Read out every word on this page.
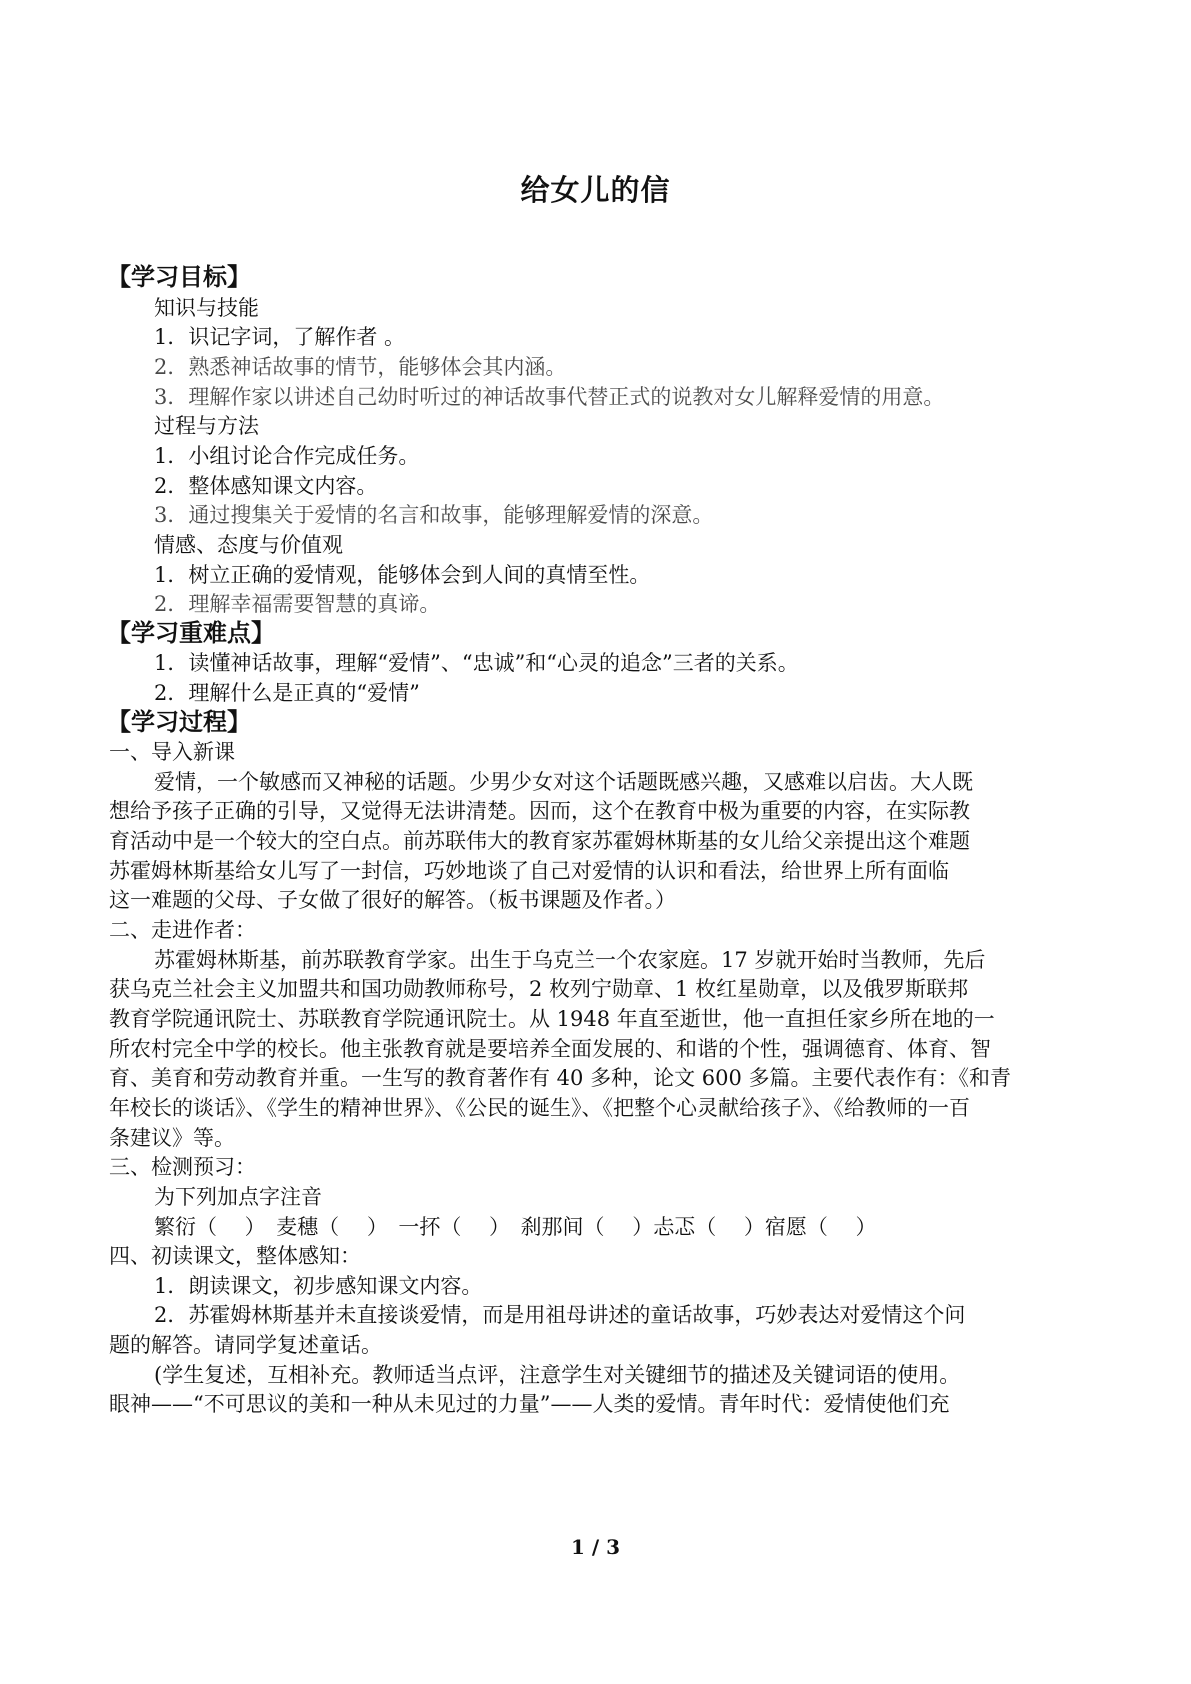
给女儿的信
【学习目标】
知识与技能
1．识记字词，了解作者 。
2．熟悉神话故事的情节，能够体会其内涵。
3．理解作家以讲述自己幼时听过的神话故事代替正式的说教对女儿解释爱情的用意。
过程与方法
1．小组讨论合作完成任务。
2．整体感知课文内容。
3．通过搜集关于爱情的名言和故事，能够理解爱情的深意。
情感、态度与价值观
1．树立正确的爱情观，能够体会到人间的真情至性。
2．理解幸福需要智慧的真谛。
【学习重难点】
1．读懂神话故事，理解“爱情”、“忠诚”和“心灵的追念”三者的关系。
2．理解什么是正真的“爱情”
【学习过程】
一、导入新课
爱情，一个敏感而又神秘的话题。少男少女对这个话题既感兴趣，又感难以启齿。大人既
想给予孩子正确的引导，又觉得无法讲清楚。因而，这个在教育中极为重要的内容，在实际教
育活动中是一个较大的空白点。前苏联伟大的教育家苏霍姆林斯基的女儿给父亲提出这个难题
苏霍姆林斯基给女儿写了一封信，巧妙地谈了自己对爱情的认识和看法，给世界上所有面临
这一难题的父母、子女做了很好的解答。（板书课题及作者。）
二、走进作者：
苏霍姆林斯基，前苏联教育学家。出生于乌克兰一个农家庭。17 岁就开始时当教师，先后
获乌克兰社会主义加盟共和国功勋教师称号，2 枚列宁勋章、1 枚红星勋章，以及俄罗斯联邦
教育学院通讯院士、苏联教育学院通讯院士。从 1948 年直至逝世，他一直担任家乡所在地的一
所农村完全中学的校长。他主张教育就是要培养全面发展的、和谐的个性，强调德育、体育、智
育、美育和劳动教育并重。一生写的教育著作有 40 多种，论文 600 多篇。主要代表作有：《和青
年校长的谈话》、《学生的精神世界》、《公民的诞生》、《把整个心灵献给孩子》、《给教师的一百
条建议》等。
三、检测预习：
为下列加点字注音
繁衍（　 ）　麦穗（　 ）　一抔（　 ）　刹那间（　 ）忐忑（　 ）宿愿（　 ）
四、初读课文，整体感知：
1．朗读课文，初步感知课文内容。
2．苏霍姆林斯基并未直接谈爱情，而是用祖母讲述的童话故事，巧妙表达对爱情这个问
题的解答。请同学复述童话。
(学生复述，互相补充。教师适当点评，注意学生对关键细节的描述及关键词语的使用。
眼神——“不可思议的美和一种从未见过的力量”——人类的爱情。青年时代：爱情使他们充
1 / 3
